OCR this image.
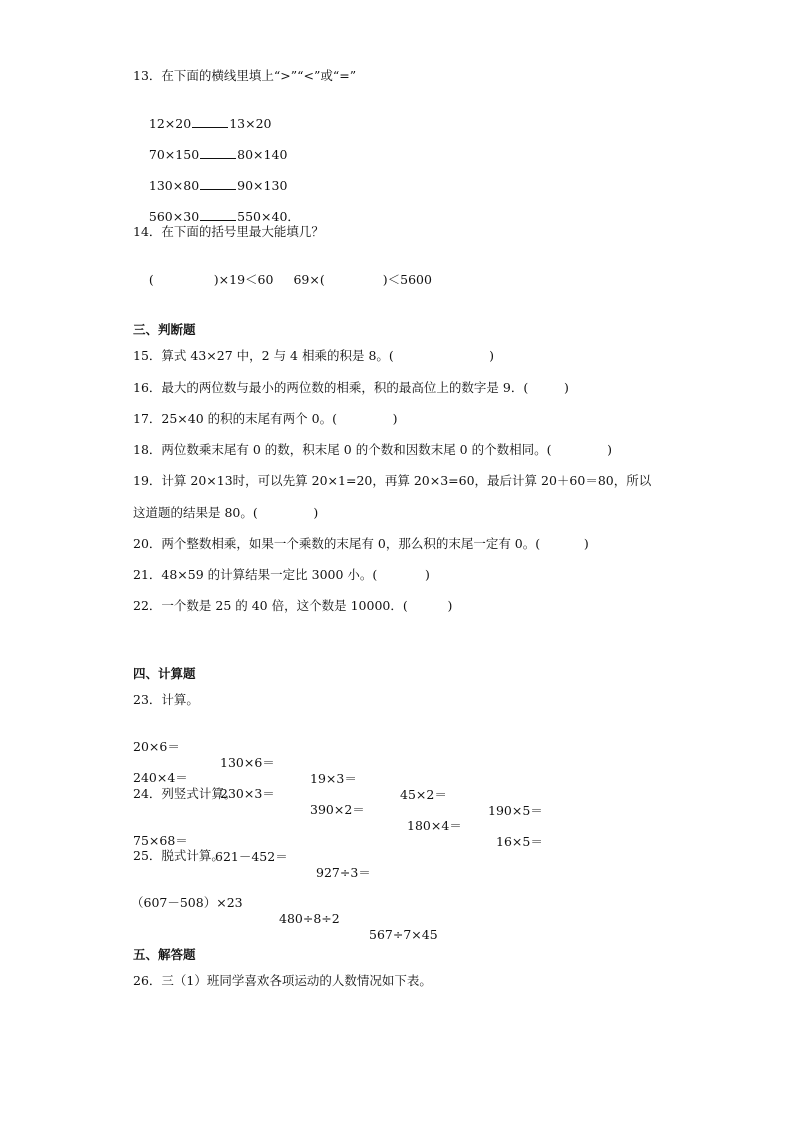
13．在下面的横线里填上“>”“<”或“=”

12×20	13×20

70×150	80×140

130×80	90×130

560×30	550×40．

14．在下面的括号里最大能填几？

(	)×19＜60 69×(	)＜5600

三、判断题
15．算式 43×27 中，2 与 4 相乘的积是 8。(                        )
16．最大的两位数与最小的两位数的相乘，积的最高位上的数字是 9．(         )
17．25×40 的积的末尾有两个 0。(              )
18．两位数乘末尾有 0 的数，积末尾 0 的个数和因数末尾 0 的个数相同。(              )
19．计算 20×13时，可以先算 20×1=20，再算 20×3=60，最后计算 20＋60＝80，所以
这道题的结果是 80。(              )
20．两个整数相乘，如果一个乘数的末尾有 0，那么积的末尾一定有 0。(           )
21．48×59 的计算结果一定比 3000 小。(            )
22．一个数是 25 的 40 倍，这个数是 10000．(          )
四、计算题
23．计算。

20×6＝

130×6＝

19×3＝

45×2＝

190×5＝

240×4＝

230×3＝

390×2＝

180×4＝

16×5＝

24．列竖式计算。

75×68＝

621－452＝

927÷3＝

25．脱式计算。

（607－508）×23

480÷8÷2

567÷7×45

五、解答题
26．三（1）班同学喜欢各项运动的人数情况如下表。
